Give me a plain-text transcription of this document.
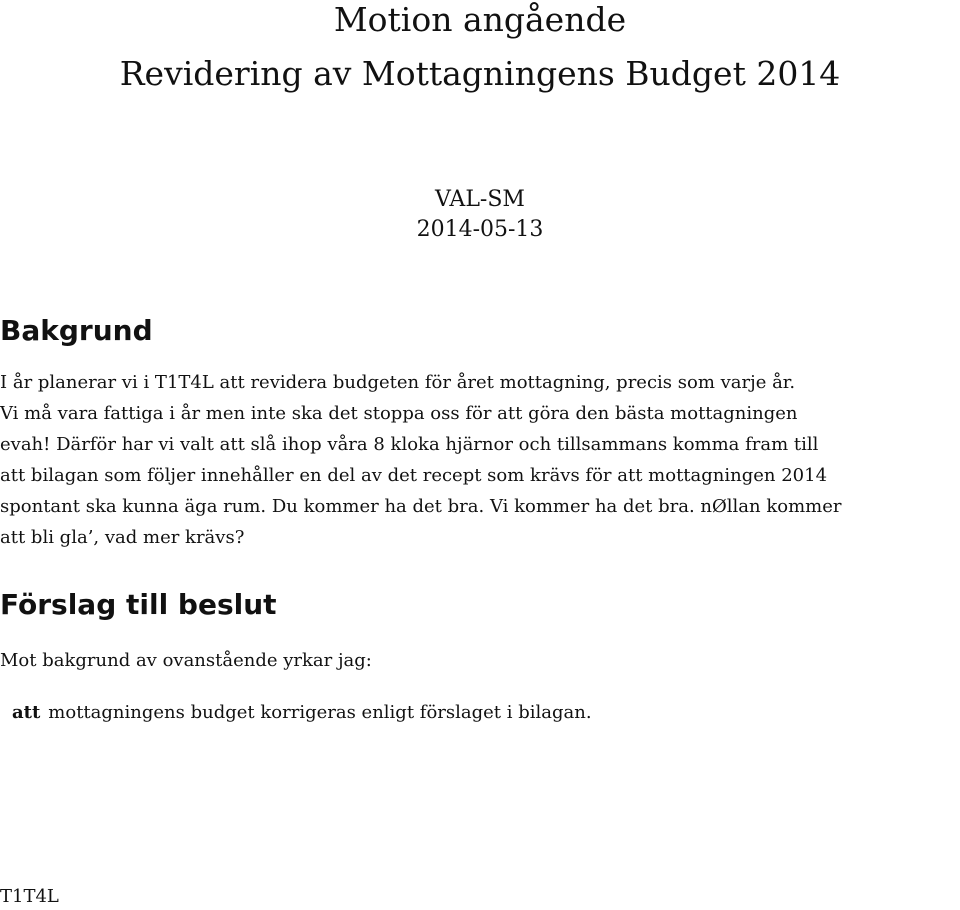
Motion angående
Revidering av Mottagningens Budget 2014
VAL-SM
2014-05-13
Bakgrund
I år planerar vi i T1T4L att revidera budgeten för året mottagning, precis som varje år.
Vi må vara fattiga i år men inte ska det stoppa oss för att göra den bästa mottagningen
evah! Därför har vi valt att slå ihop våra 8 kloka hjärnor och tillsammans komma fram till
att bilagan som följer innehåller en del av det recept som krävs för att mottagningen 2014
spontant ska kunna äga rum. Du kommer ha det bra. Vi kommer ha det bra. nØllan kommer
att bli gla’, vad mer krävs?
Förslag till beslut
Mot bakgrund av ovanstående yrkar jag:
att mottagningens budget korrigeras enligt förslaget i bilagan.
T1T4L
